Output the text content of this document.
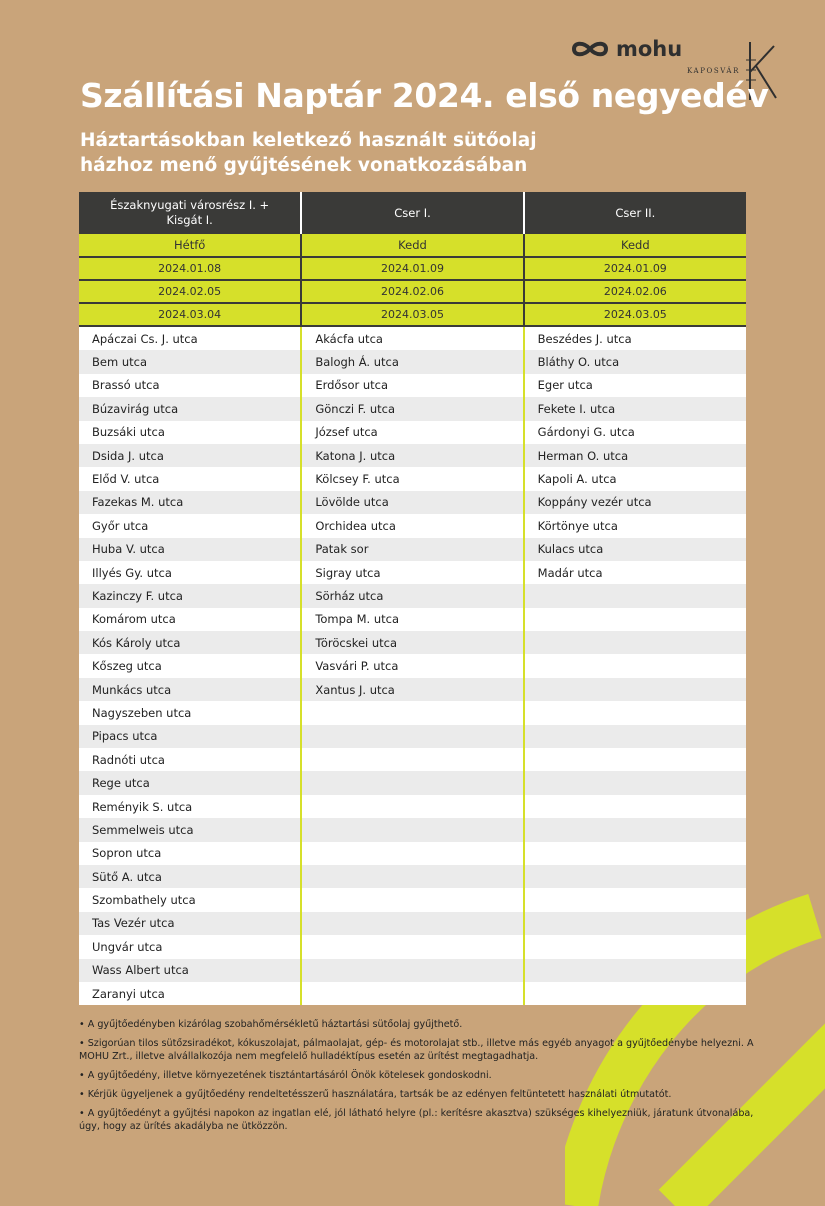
mohu
KAPOSVÁR
Szállítási Naptár 2024. első negyedév
Háztartásokban keletkező használt sütőolaj
házhoz menő gyűjtésének vonatkozásában
Északnyugati városrész I. + Kisgát I.	Cser I.	Cser II.
Hétfő	Kedd	Kedd
2024.01.08	2024.01.09	2024.01.09
2024.02.05	2024.02.06	2024.02.06
2024.03.04	2024.03.05	2024.03.05
Apáczai Cs. J. utca	Akácfa utca	Beszédes J. utca
Bem utca	Balogh Á. utca	Bláthy O. utca
Brassó utca	Erdősor utca	Eger utca
Búzavirág utca	Gönczi F. utca	Fekete I. utca
Buzsáki utca	József utca	Gárdonyi G. utca
Dsida J. utca	Katona J. utca	Herman O. utca
Előd V. utca	Kölcsey F. utca	Kapoli A. utca
Fazekas M. utca	Lövölde utca	Koppány vezér utca
Győr utca	Orchidea utca	Körtönye utca
Huba V. utca	Patak sor	Kulacs utca
Illyés Gy. utca	Sigray utca	Madár utca
Kazinczy F. utca	Sörház utca	
Komárom utca	Tompa M. utca	
Kós Károly utca	Töröcskei utca	
Kőszeg utca	Vasvári P. utca	
Munkács utca	Xantus J. utca	
Nagyszeben utca		
Pipacs utca		
Radnóti utca		
Rege utca		
Reményik S. utca		
Semmelweis utca		
Sopron utca		
Sütő A. utca		
Szombathely utca		
Tas Vezér utca		
Ungvár utca		
Wass Albert utca		
Zaranyi utca		
• A gyűjtőedényben kizárólag szobahőmérsékletű háztartási sütőolaj gyűjthető.
• Szigorúan tilos sütőzsiradékot, kókuszolajat, pálmaolajat, gép- és motorolajat stb., illetve más egyéb anyagot a gyűjtőedénybe helyezni. A MOHU Zrt., illetve alvállalkozója nem megfelelő hulladéktípus esetén az ürítést megtagadhatja.
• A gyűjtőedény, illetve környezetének tisztántartásáról Önök kötelesek gondoskodni.
• Kérjük ügyeljenek a gyűjtőedény rendeltetésszerű használatára, tartsák be az edényen feltüntetett használati útmutatót.
• A gyűjtőedényt a gyűjtési napokon az ingatlan elé, jól látható helyre (pl.: kerítésre akasztva) szükséges kihelyezniük, járatunk útvonalába, úgy, hogy az ürítés akadályba ne ütközzön.
